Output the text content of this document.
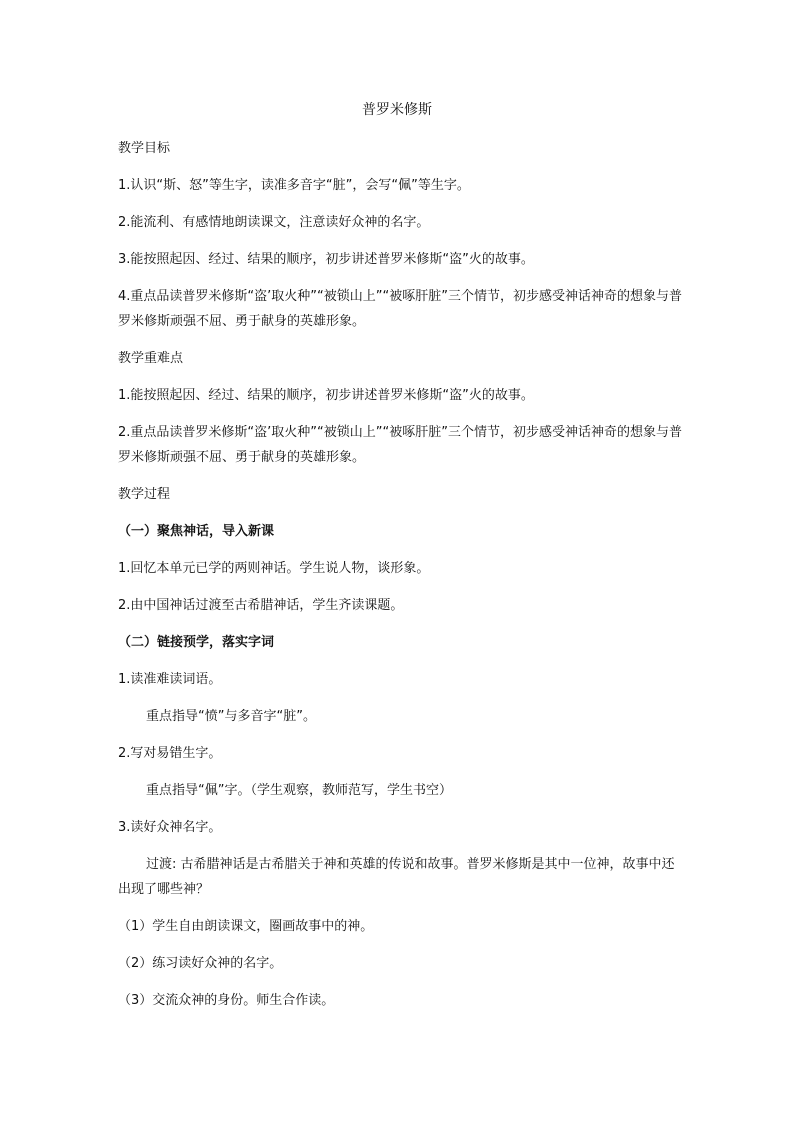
普罗米修斯

教学目标

1.认识“斯、怒”等生字，读准多音字“脏”，会写“佩”等生字。

2.能流利、有感情地朗读课文，注意读好众神的名字。

3.能按照起因、经过、结果的顺序，初步讲述普罗米修斯“盗”火的故事。

4.重点品读普罗米修斯“盗’取火种”“被锁山上”“被啄肝脏”三个情节，初步感受神话神奇的想象与普罗米修斯顽强不屈、勇于献身的英雄形象。

教学重难点

1.能按照起因、经过、结果的顺序，初步讲述普罗米修斯“盗”火的故事。

2.重点品读普罗米修斯“盗’取火种”“被锁山上”“被啄肝脏”三个情节，初步感受神话神奇的想象与普罗米修斯顽强不屈、勇于献身的英雄形象。

教学过程

（一）聚焦神话，导入新课

1.回忆本单元已学的两则神话。学生说人物，谈形象。

2.由中国神话过渡至古希腊神话，学生齐读课题。

（二）链接预学，落实字词

1.读准难读词语。

重点指导“愤”与多音字“脏”。

2.写对易错生字。

重点指导“佩”字。（学生观察，教师范写，学生书空）

3.读好众神名字。

过渡: 古希腊神话是古希腊关于神和英雄的传说和故事。普罗米修斯是其中一位神，故事中还出现了哪些神？

（1）学生自由朗读课文，圈画故事中的神。

（2）练习读好众神的名字。

（3）交流众神的身份。师生合作读。
